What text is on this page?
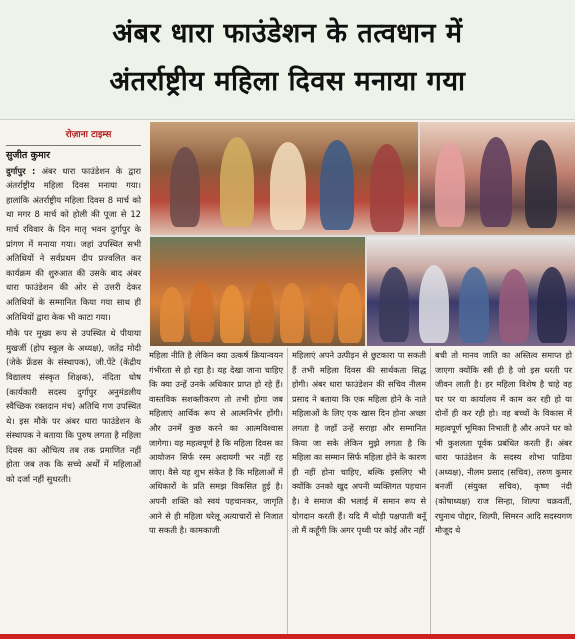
अंबर धारा फाउंडेशन के तत्वधान में
अंतर्राष्ट्रीय महिला दिवस मनाया गया
रोज़ाना टाइम्स
सुजीत कुमार
दुर्गापुर : अंबर धारा फाउंडेशन के द्वारा अंतर्राष्ट्रीय महिला दिवस मनाया गया। हालांकि अंतर्राष्ट्रीय महिला दिवस 8 मार्च को था मगर 8 मार्च को होली की पूजा से 12 मार्च रविवार के दिन मातृ भवन दुर्गापुर के प्रांगण में मनाया गया। जहां उपस्थित सभी अतिथियों ने सर्वप्रथम दीप प्रज्वलित कर कार्यक्रम की शुरुआत की उसके बाद अंबर धारा फाउंडेशन की ओर से उत्तरी देकर अतिथियों के सम्मानित किया गया साथ ही अतिथियों द्वारा केक भी काटा गया।
मौके पर मुख्य रूप से उपस्थित थे पीयाया मुखर्जी (होप स्कूल के अध्यक्ष), जतेंद्र मोदी (जेके फ्रेंडस के संस्थापक), जी.पेंटे (केंद्रीय विद्यालय संस्कृत शिक्षक), नंदिता घोष (कार्यकारी सदस्य दुर्गापुर अनुमंडलीय स्वैच्छिक रक्तदान मंच) अतिथि गण उपस्थित थे। इस मौके पर अंबर धारा फाउंडेशन के संस्थापक ने बताया कि पुरुष लगता है महिला दिवस का औचित्य तब तक प्रमाणित नहीं होता जब तक कि सच्चे अर्थों में महिलाओं को दर्जा नहीं सुधरती।
महिला नीति है लेकिन क्या उत्कर्ष क्रियान्वयन गंभीरता से हो रहा है। यह देखा जाना चाहिए कि क्या उन्हें उनके अधिकार प्राप्त हो रहे हैं। वास्तविक सशक्तीकरण तो तभी होगा जब महिलाएं आर्थिक रूप से आत्मनिर्भर होंगी। और उनमें कुछ करने का आत्मविश्वास जागेगा। यह महत्वपूर्ण है कि महिला दिवस का आयोजन सिर्फ रस्म अदायगी भर नहीं रह जाए। वैसे यह शुभ संकेत है कि महिलाओं में अधिकारों के प्रति समझ विकसित हुई है। अपनी शक्ति को स्वयं पहचानकर, जागृति आने से ही महिला घरेलू अत्याचारों से निजात पा सकती है। कामकाजी
महिलाएं अपने उत्पीड़न से छुटकारा पा सकती हैं तभी महिला दिवस की सार्थकता सिद्ध होगी। अंबर धारा फाउंडेशन की सचिव नीलम प्रसाद ने बताया कि एक महिला होने के नाते महिलाओं के लिए एक खास दिन होना अच्छा लगता है जहाँ उन्हें सराहा और सम्मानित किया जा सके लेकिन मुझे लगता है कि महिला का सम्मान सिर्फ महिला होने के कारण ही नहीं होना चाहिए, बल्कि इसलिए भी क्योंकि उनको खुद अपनी व्यक्तिगत पहचान है। वे समाज की भलाई में समान रूप से योगदान करती हैं। यदि मैं थोड़ी पक्षपाती बनूँ तो मैं कहूँगी कि अगर पृथ्वी पर कोई और नहीं
बची तो मानव जाति का अस्तित्व समाप्त हो जाएगा क्योंकि स्त्री ही है जो इस धरती पर जीवन लाती है। हर महिला विशेष है चाहे वह घर पर या कार्यालय में काम कर रही हो या दोनों ही कर रही हो। वह बच्चों के विकास में महत्वपूर्ण भूमिका निभाती है और अपने घर को भी कुशलता पूर्वक प्रबंधित करती हैं। अंबर धारा फाउंडेशन के सदस्य शोभा पाडिया (अध्यक्ष), नीलम प्रसाद (सचिव), तरुण कुमार बनर्जी (संयुक्त सचिव), कृष्ण नंदी (कोषाध्यक्ष) राज सिन्हा, शिल्पा चक्रवर्ती, रघुनाथ पोद्दार, शिल्पी, सिमरन आदि सदस्यगण मौजूद थे
